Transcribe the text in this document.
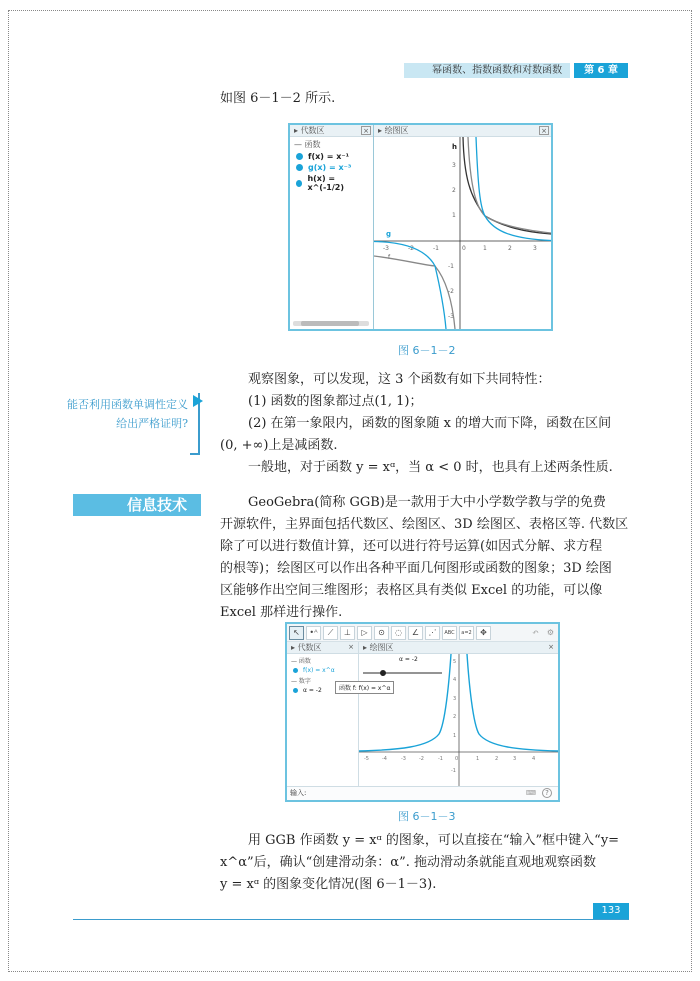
幂函数、指数函数和对数函数	第 6 章
如图 6－1－2 所示.
▸ 代数区	×
— 函数
f(x) = x⁻¹
g(x) = x⁻³
h(x) = x^(-1/2)
▸ 绘图区	×
-3	-2	-1	0	1	2	3
3
2
1
-1
-2
-3
h
g
f
图 6－1－2
观察图象，可以发现，这 3 个函数有如下共同特性：
(1) 函数的图象都过点(1, 1)；
(2) 在第一象限内，函数的图象随 x 的增大而下降，函数在区间
(0, +∞)上是减函数.
一般地，对于函数 y = xᵅ，当 α < 0 时，也具有上述两条性质.
能否利用函数单调性定义给出严格证明?
信息技术	GeoGebra(简称 GGB)是一款用于大中小学数学教与学的免费
开源软件，主界面包括代数区、绘图区、3D 绘图区、表格区等. 代数区
除了可以进行数值计算，还可以进行符号运算(如因式分解、求方程
的根等)；绘图区可以作出各种平面几何图形或函数的图象；3D 绘图
区能够作出空间三维图形；表格区具有类似 Excel 的功能，可以像
Excel 那样进行操作.
↖	•ᴬ	⟋	⊥	▷	⊙	◌	∠	⋰	ABC	a=2	✥	↶ ⚙
▸ 代数区	×
— 函数
f(x) = x^α
— 数字
α = -2	函数 f: f(x) = x^α
▸ 绘图区	×
α = -2
-5	-4	-3	-2	-1 0	1	2	3	4
5
4
3
2
1
-1
输入:	⌨	?
图 6－1－3
用 GGB 作函数 y = xᵅ 的图象，可以直接在“输入”框中键入“y=
x^α”后，确认“创建滑动条：α”. 拖动滑动条就能直观地观察函数
y = xᵅ 的图象变化情况(图 6－1－3).
133
